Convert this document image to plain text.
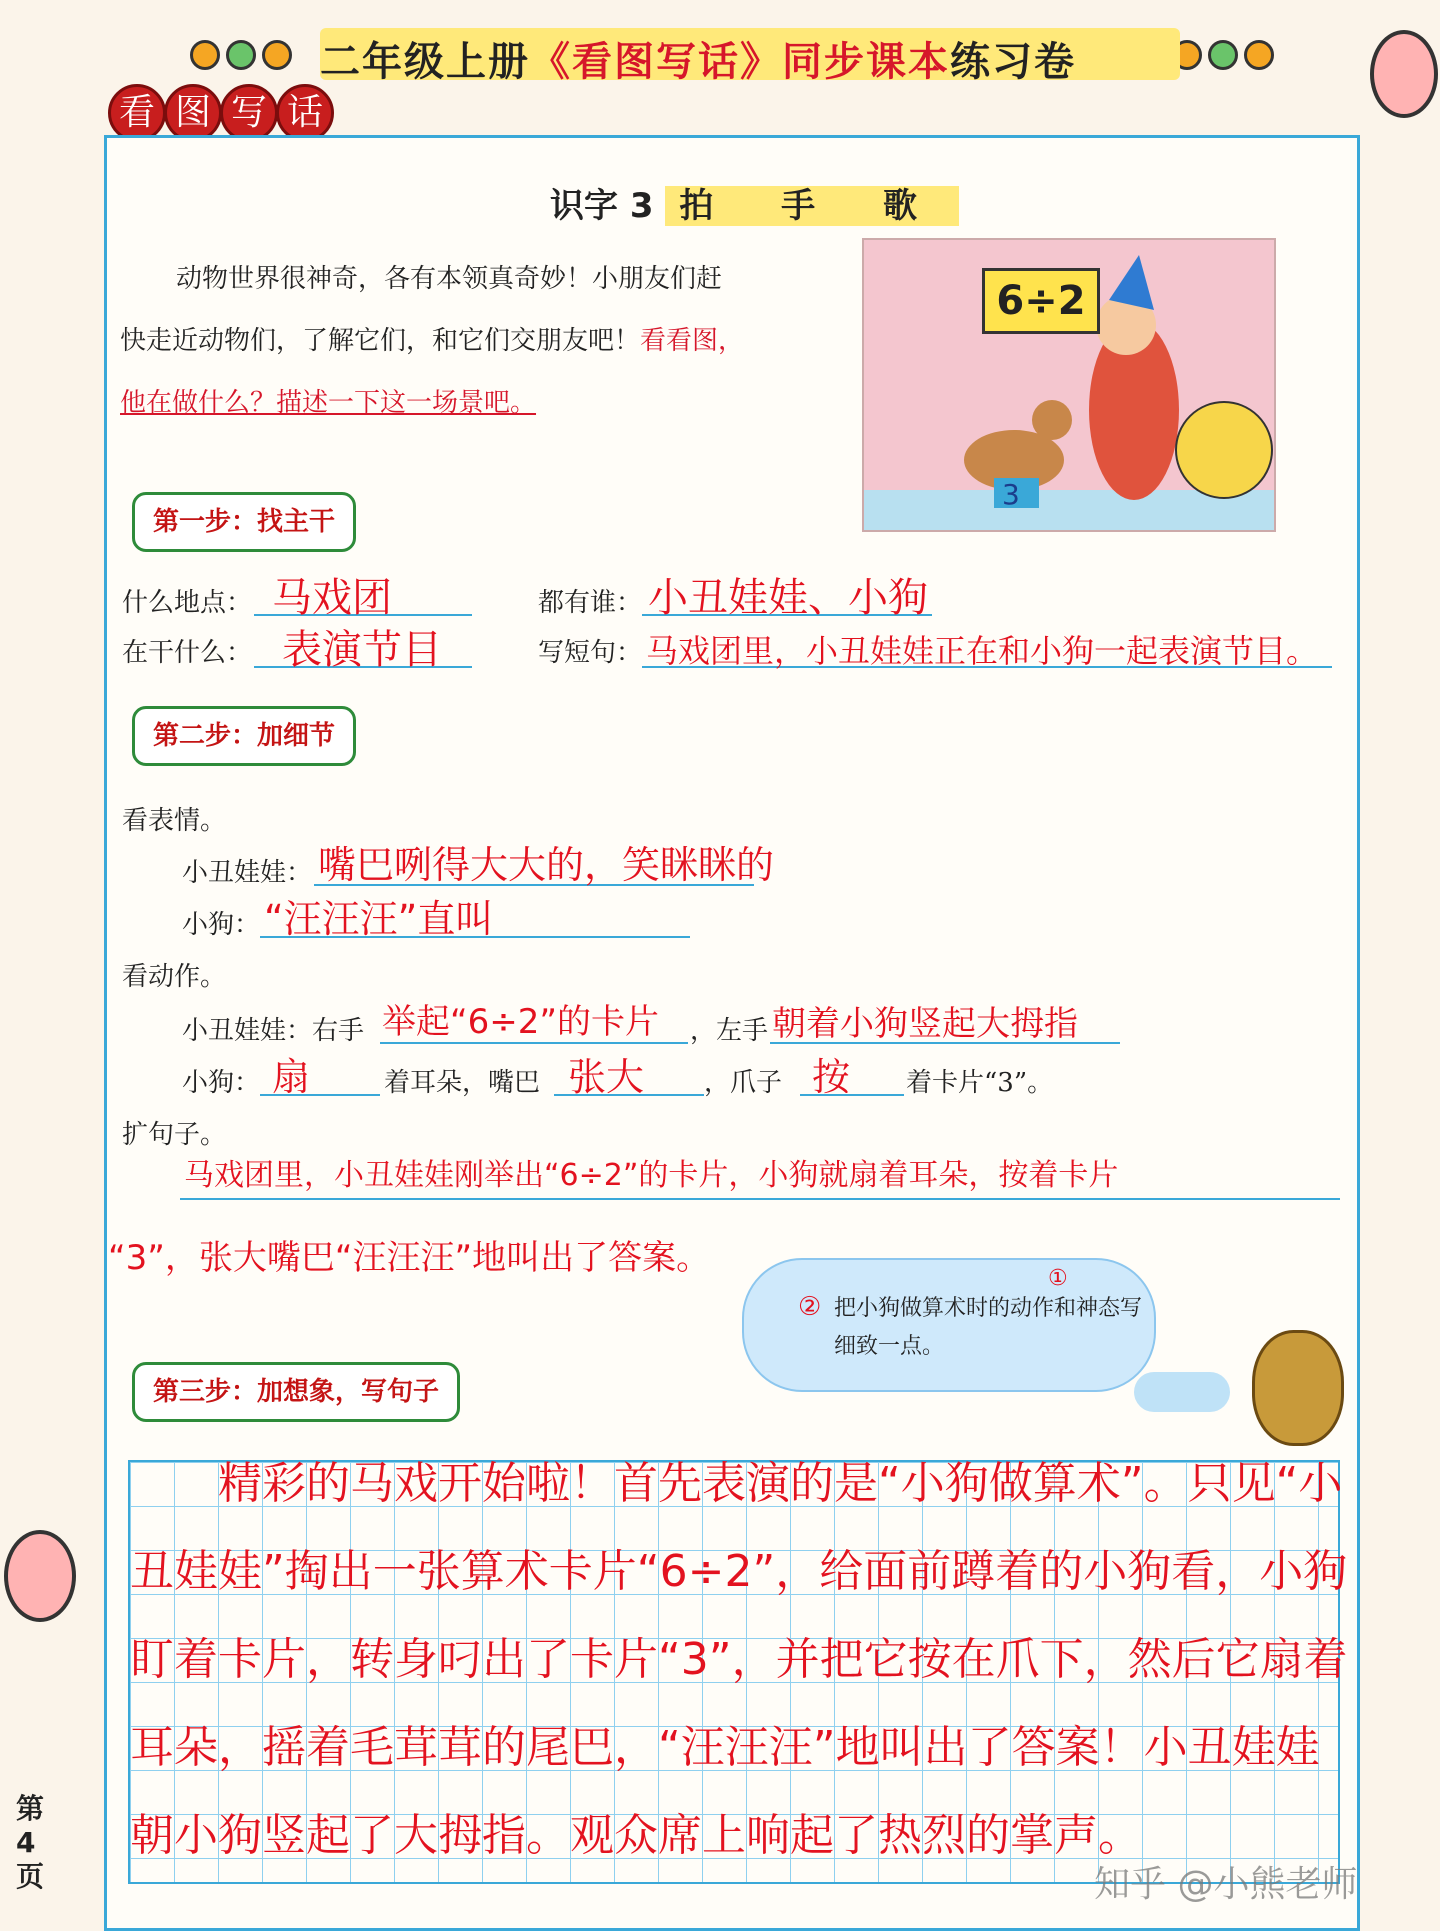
二年级上册《看图写话》同步课本练习卷
看 图 写 话
识字 3 拍 手 歌
动物世界很神奇，各有本领真奇妙！小朋友们赶
快走近动物们，了解它们，和它们交朋友吧！看看图，
他在做什么？描述一下这一场景吧。
6÷2
3
第一步：找主干
什么地点： 马戏团	都有谁： 小丑娃娃、小狗
在干什么： 表演节目	写短句： 马戏团里，小丑娃娃正在和小狗一起表演节目。
第二步：加细节
看表情。
小丑娃娃： 嘴巴咧得大大的，笑眯眯的
小狗： “汪汪汪”直叫
看动作。
小丑娃娃：右手 举起“6÷2”的卡片 ，左手 朝着小狗竖起大拇指
小狗： 扇	着耳朵，嘴巴 张大 ，爪子 按 着卡片“3”。
扩句子。
马戏团里，小丑娃娃刚举出“6÷2”的卡片，小狗就扇着耳朵，按着卡片
“3”，张大嘴巴“汪汪汪”地叫出了答案。
②
①
把小狗做算术时的动作和神态写细致一点。
第三步：加想象，写句子
精彩的马戏开始啦！首先表演的是“小狗做算术”。只见“小丑娃娃”掏出一张算术卡片“6÷2”，给面前蹲着的小狗看，小狗盯着卡片，转身叼出了卡片“3”，并把它按在爪下，然后它扇着耳朵，摇着毛茸茸的尾巴，“汪汪汪”地叫出了答案！小丑娃娃朝小狗竖起了大拇指。观众席上响起了热烈的掌声。
第4页	知乎 @小熊老师
